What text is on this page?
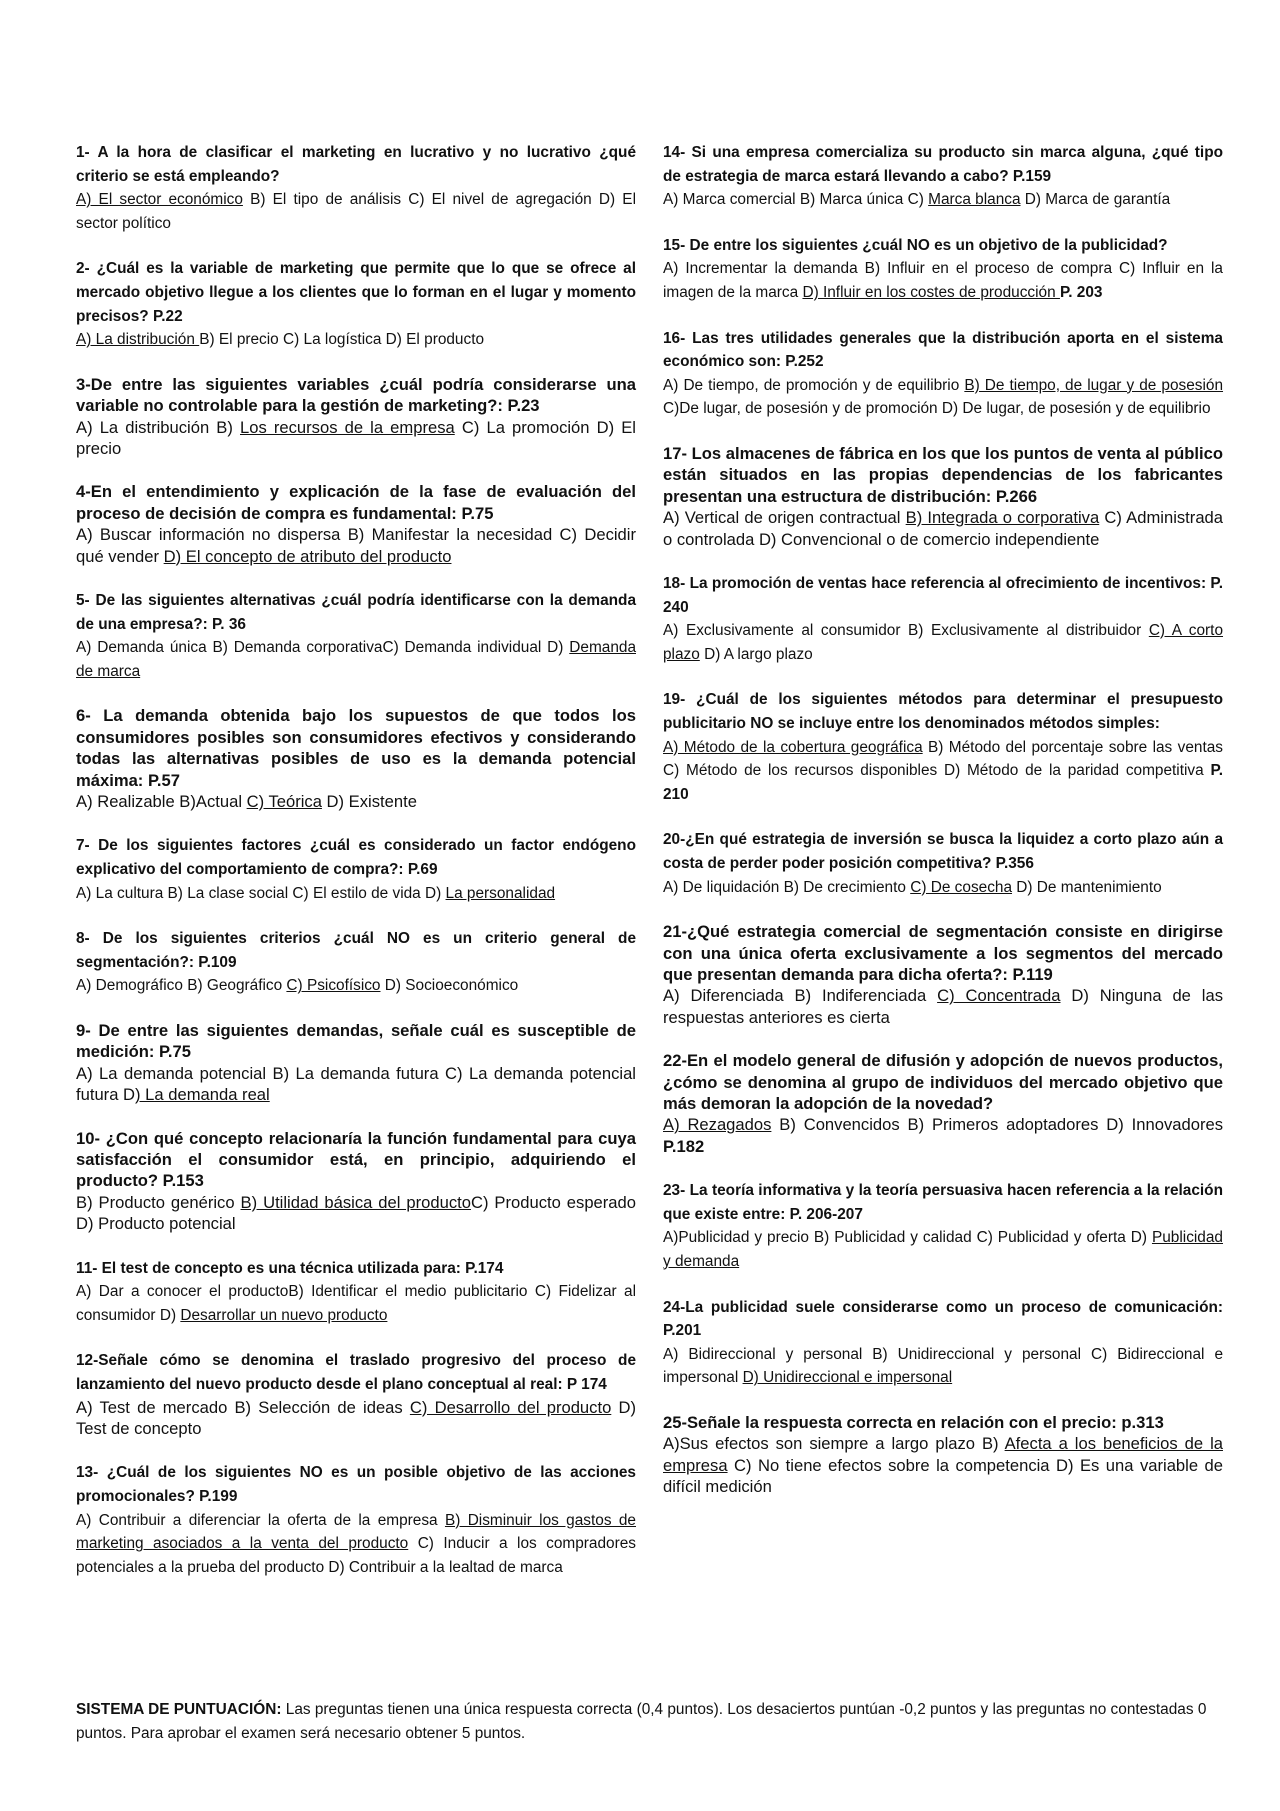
1- A la hora de clasificar el marketing en lucrativo y no lucrativo ¿qué criterio se está empleando?
A) El sector económico B) El tipo de análisis C) El nivel de agregación D) El sector político
2- ¿Cuál es la variable de marketing que permite que lo que se ofrece al mercado objetivo llegue a los clientes que lo forman en el lugar y momento precisos? P.22
A) La distribución B) El precio C) La logística D) El producto
3-De entre las siguientes variables ¿cuál podría considerarse una variable no controlable para la gestión de marketing?: P.23
A) La distribución B) Los recursos de la empresa C) La promoción D) El precio
4-En el entendimiento y explicación de la fase de evaluación del proceso de decisión de compra es fundamental: P.75
A) Buscar información no dispersa B) Manifestar la necesidad C) Decidir qué vender D) El concepto de atributo del producto
5- De las siguientes alternativas ¿cuál podría identificarse con la demanda de una empresa?: P. 36
A) Demanda única B) Demanda corporativaC) Demanda individual D) Demanda de marca
6- La demanda obtenida bajo los supuestos de que todos los consumidores posibles son consumidores efectivos y considerando todas las alternativas posibles de uso es la demanda potencial máxima: P.57
A) Realizable B)Actual C) Teórica D) Existente
7- De los siguientes factores ¿cuál es considerado un factor endógeno explicativo del comportamiento de compra?: P.69
A) La cultura B) La clase social C) El estilo de vida D) La personalidad
8- De los siguientes criterios ¿cuál NO es un criterio general de segmentación?: P.109
A) Demográfico B) Geográfico C) Psicofísico D) Socioeconómico
9- De entre las siguientes demandas, señale cuál es susceptible de medición: P.75
A) La demanda potencial B) La demanda futura C) La demanda potencial futura D) La demanda real
10- ¿Con qué concepto relacionaría la función fundamental para cuya satisfacción el consumidor está, en principio, adquiriendo el producto? P.153
B) Producto genérico B) Utilidad básica del productoC) Producto esperado D) Producto potencial
11- El test de concepto es una técnica utilizada para: P.174
A) Dar a conocer el productoB) Identificar el medio publicitario C) Fidelizar al consumidor D) Desarrollar un nuevo producto
12-Señale cómo se denomina el traslado progresivo del proceso de lanzamiento del nuevo producto desde el plano conceptual al real: P 174
A) Test de mercado B) Selección de ideas C) Desarrollo del producto D) Test de concepto
13- ¿Cuál de los siguientes NO es un posible objetivo de las acciones promocionales? P.199
A) Contribuir a diferenciar la oferta de la empresa B) Disminuir los gastos de marketing asociados a la venta del producto C) Inducir a los compradores potenciales a la prueba del producto D) Contribuir a la lealtad de marca
14- Si una empresa comercializa su producto sin marca alguna, ¿qué tipo de estrategia de marca estará llevando a cabo? P.159
A) Marca comercial B) Marca única C) Marca blanca D) Marca de garantía
15- De entre los siguientes ¿cuál NO es un objetivo de la publicidad?
A) Incrementar la demanda B) Influir en el proceso de compra C) Influir en la imagen de la marca D) Influir en los costes de producción P. 203
16- Las tres utilidades generales que la distribución aporta en el sistema económico son: P.252
A) De tiempo, de promoción y de equilibrio B) De tiempo, de lugar y de posesión C)De lugar, de posesión y de promoción D) De lugar, de posesión y de equilibrio
17- Los almacenes de fábrica en los que los puntos de venta al público están situados en las propias dependencias de los fabricantes presentan una estructura de distribución: P.266
A) Vertical de origen contractual B) Integrada o corporativa C) Administrada o controlada D) Convencional o de comercio independiente
18- La promoción de ventas hace referencia al ofrecimiento de incentivos: P. 240
A) Exclusivamente al consumidor B) Exclusivamente al distribuidor C) A corto plazo D) A largo plazo
19- ¿Cuál de los siguientes métodos para determinar el presupuesto publicitario NO se incluye entre los denominados métodos simples:
A) Método de la cobertura geográfica B) Método del porcentaje sobre las ventas C) Método de los recursos disponibles D) Método de la paridad competitiva P. 210
20-¿En qué estrategia de inversión se busca la liquidez a corto plazo aún a costa de perder poder posición competitiva? P.356
A) De liquidación B) De crecimiento C) De cosecha D) De mantenimiento
21-¿Qué estrategia comercial de segmentación consiste en dirigirse con una única oferta exclusivamente a los segmentos del mercado que presentan demanda para dicha oferta?: P.119
A) Diferenciada B) Indiferenciada C) Concentrada D) Ninguna de las respuestas anteriores es cierta
22-En el modelo general de difusión y adopción de nuevos productos, ¿cómo se denomina al grupo de individuos del mercado objetivo que más demoran la adopción de la novedad?
A) Rezagados B) Convencidos B) Primeros adoptadores D) Innovadores P.182
23- La teoría informativa y la teoría persuasiva hacen referencia a la relación que existe entre: P. 206-207
A)Publicidad y precio B) Publicidad y calidad C) Publicidad y oferta D) Publicidad y demanda
24-La publicidad suele considerarse como un proceso de comunicación: P.201
A) Bidireccional y personal B) Unidireccional y personal C) Bidireccional e impersonal D) Unidireccional e impersonal
25-Señale la respuesta correcta en relación con el precio: p.313
A)Sus efectos son siempre a largo plazo B) Afecta a los beneficios de la empresa C) No tiene efectos sobre la competencia D) Es una variable de difícil medición
SISTEMA DE PUNTUACIÓN: Las preguntas tienen una única respuesta correcta (0,4 puntos). Los desaciertos puntúan -0,2 puntos y las preguntas no contestadas 0 puntos. Para aprobar el examen será necesario obtener 5 puntos.
